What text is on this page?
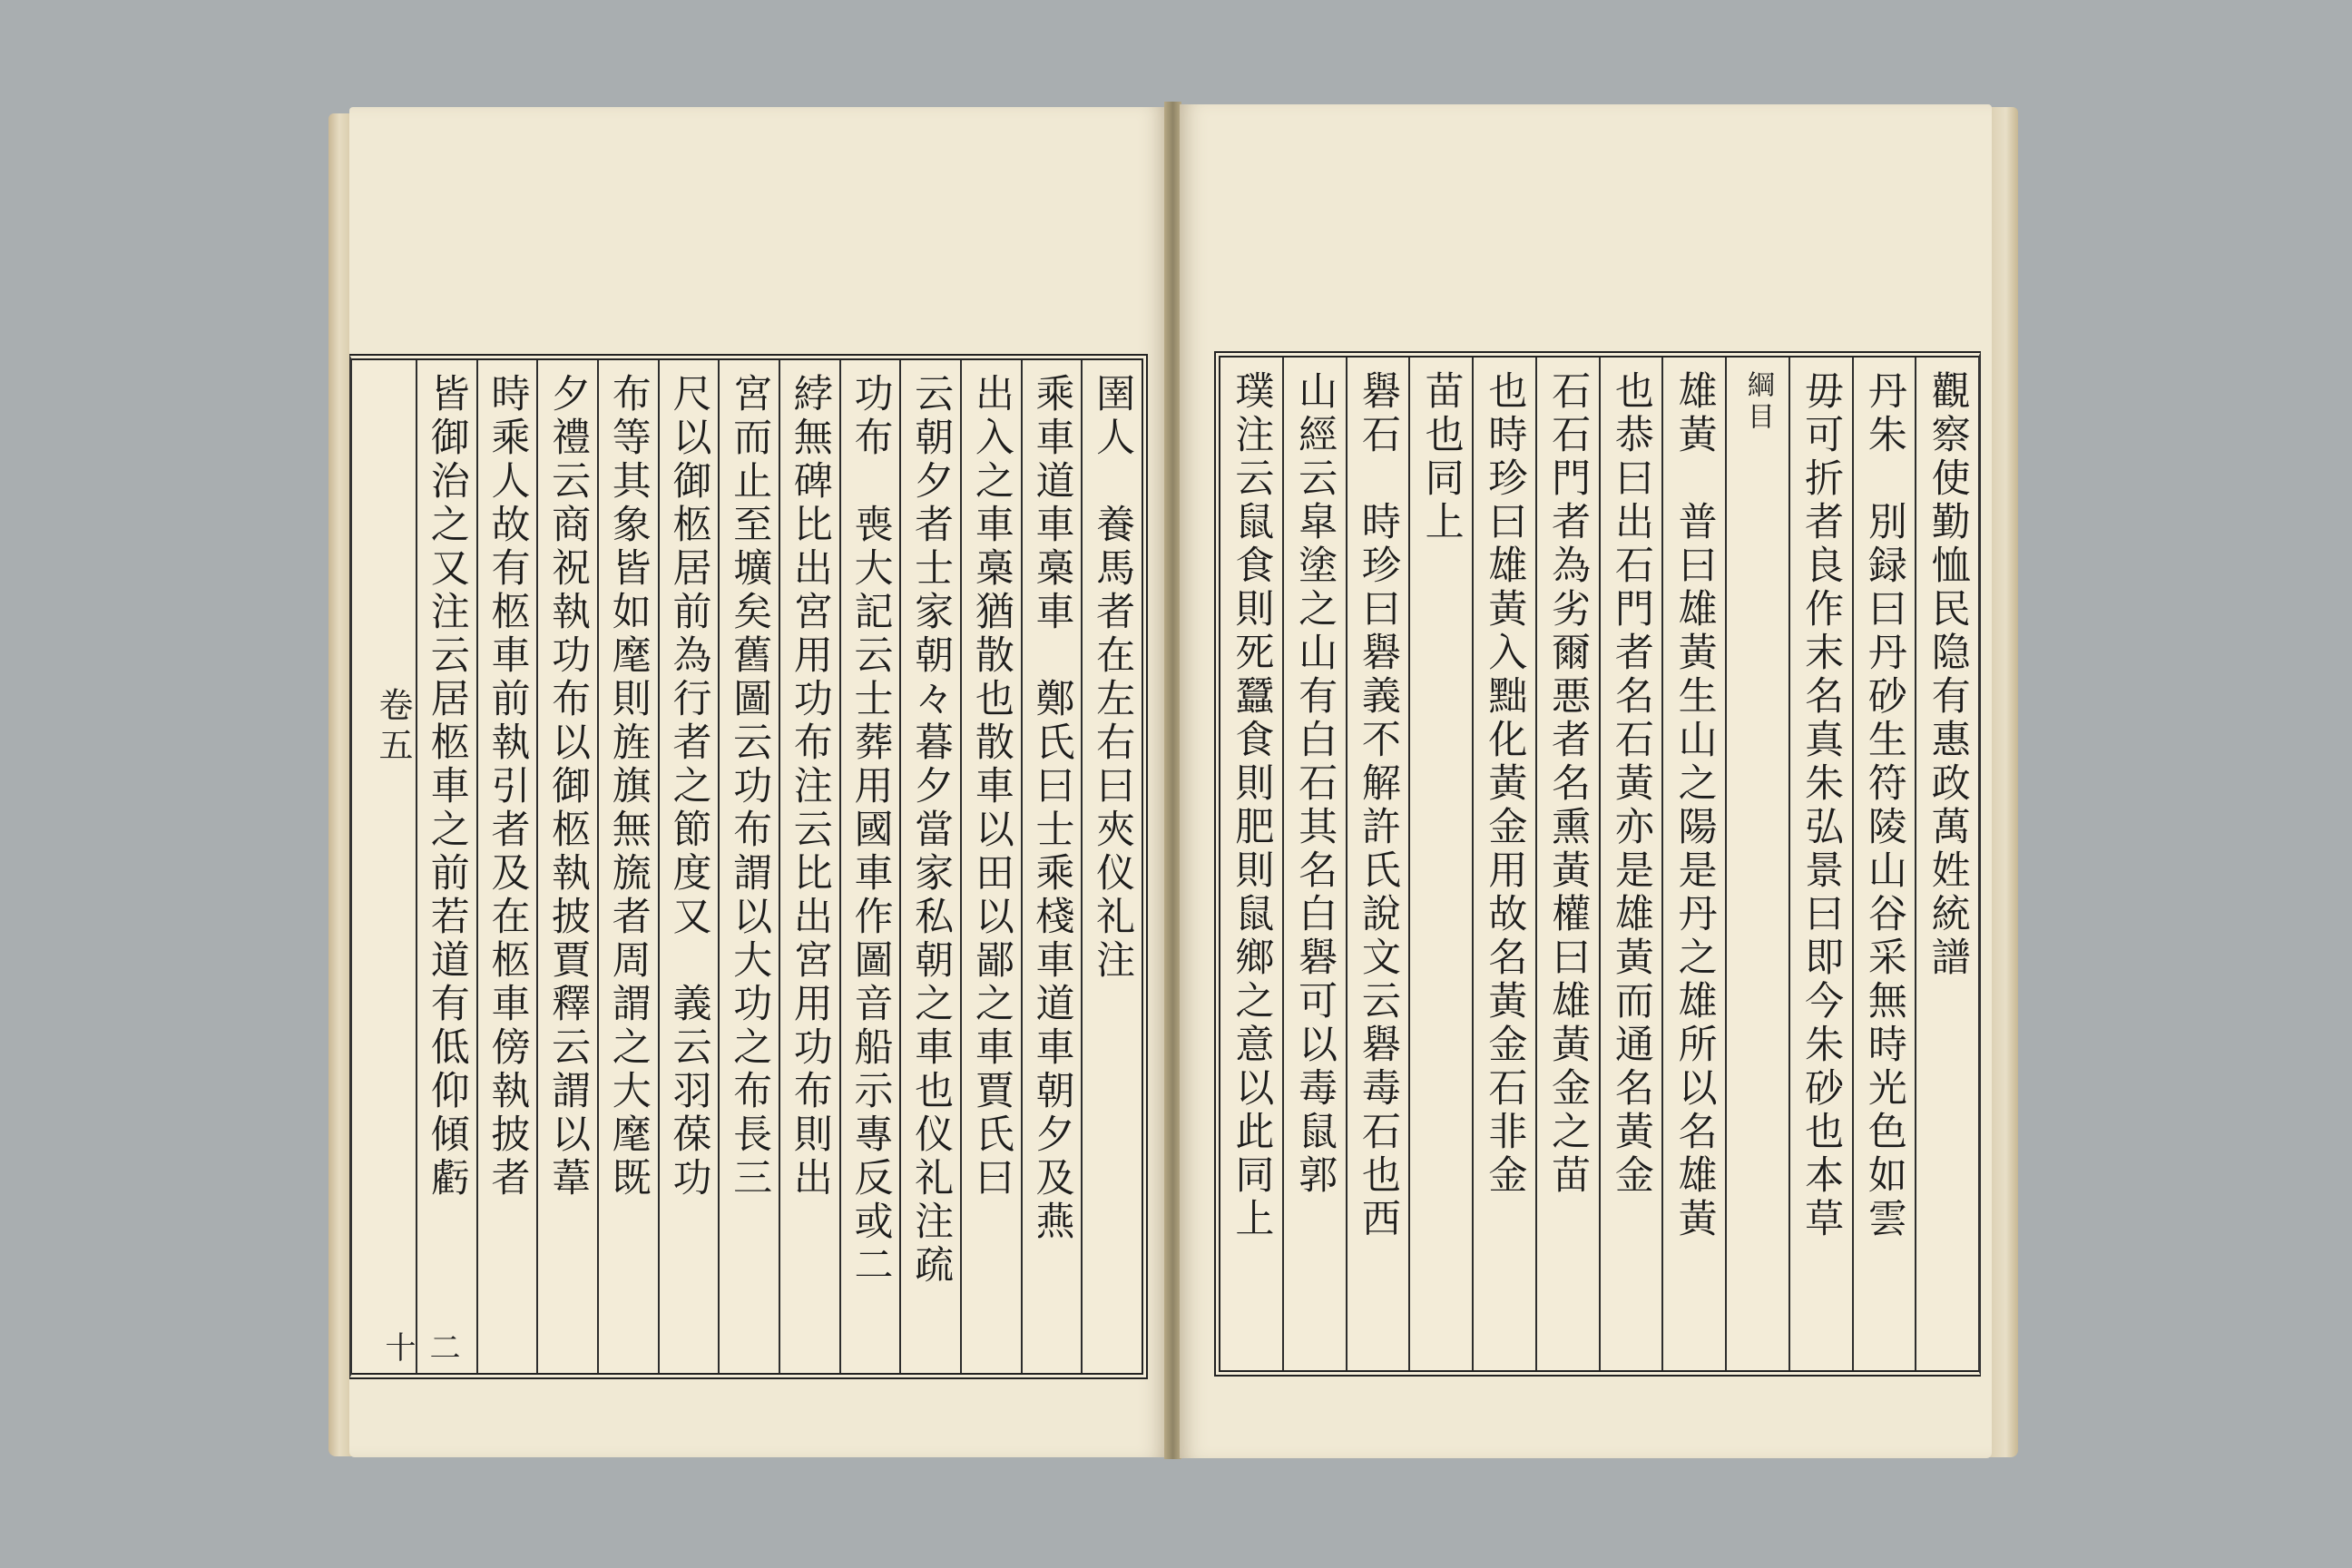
圉人　養馬者在左右曰夾仪礼注
乘車道車槀車　鄭氏曰士乘棧車道車朝夕及燕
出入之車槀猶散也散車以田以鄙之車賈氏曰
云朝夕者士家朝々暮夕當家私朝之車也仪礼注疏
功布　喪大記云士葬用國車作圖音船示專反或二
綍無碑比出宮用功布注云比出宮用功布則出
宮而止至壙矣舊圖云功布謂以大功之布長三
尺以御柩居前為行者之節度又　義云羽葆功
布等其象皆如麾則旌旗無旒者周謂之大麾既
夕禮云商祝執功布以御柩執披賈釋云謂以葦
時乘人故有柩車前執引者及在柩車傍執披者
皆御治之又注云居柩車之前若道有低仰傾虧
卷五
二十
觀察使勤恤民隐有惠政萬姓統譜
丹朱　別録曰丹砂生符陵山谷采無時光色如雲
毋可折者良作末名真朱弘景曰即今朱砂也本草
綱目
雄黃　普曰雄黃生山之陽是丹之雄所以名雄黃
也恭曰出石門者名石黃亦是雄黃而通名黃金
石石門者為劣爾悪者名熏黃權曰雄黃金之苗
也時珍曰雄黃入黜化黃金用故名黃金石非金
苗也同上
礜石　時珍曰礜義不解許氏說文云礜毒石也西
山經云皐塗之山有白石其名白礜可以毒鼠郭
璞注云鼠食則死蠶食則肥則鼠鄉之意以此同上
